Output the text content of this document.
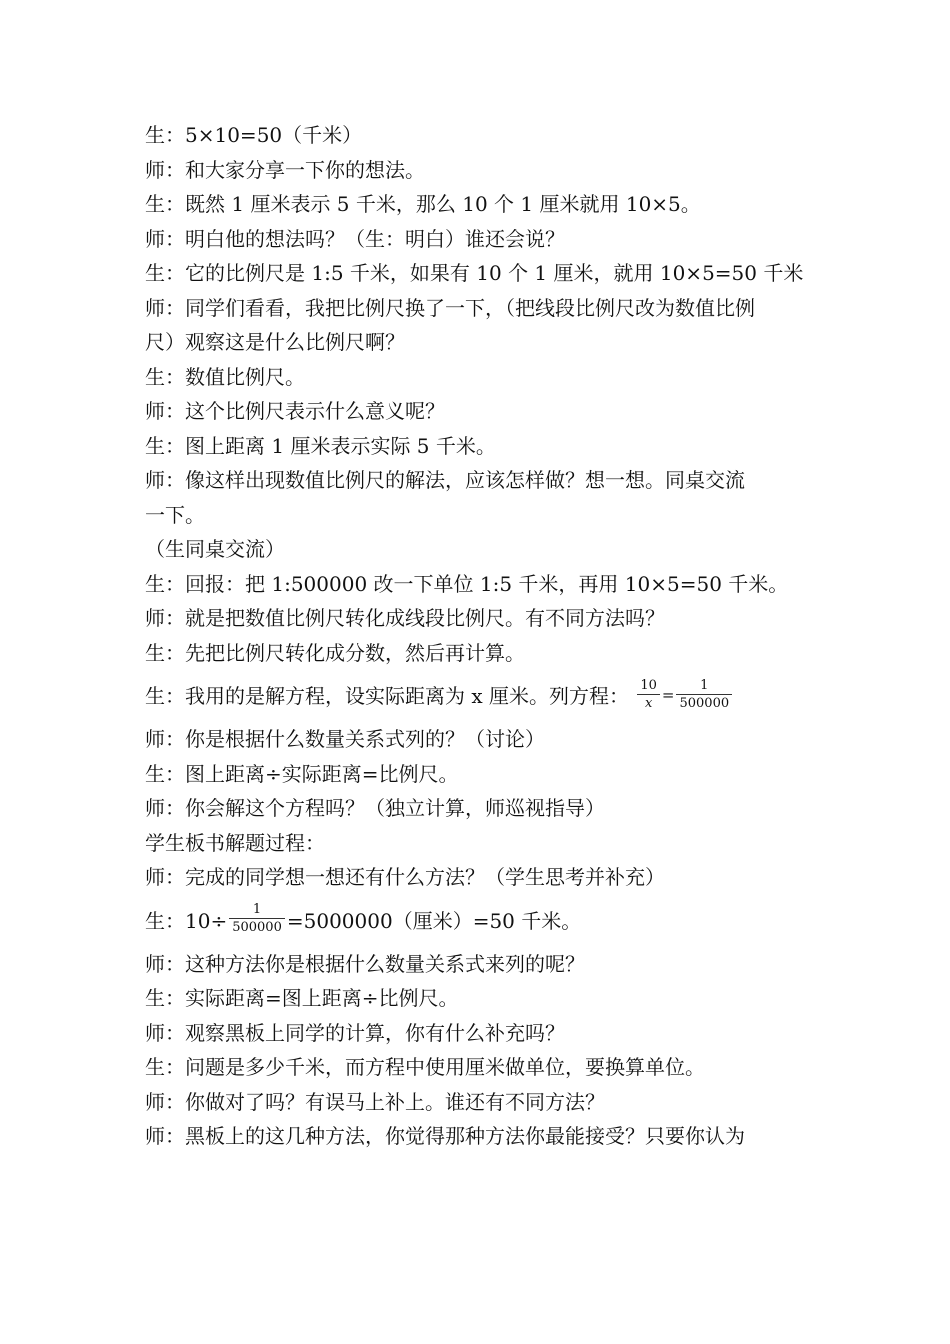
生：5×10=50（千米）
师：和大家分享一下你的想法。
生：既然 1 厘米表示 5 千米，那么 10 个 1 厘米就用 10×5。
师：明白他的想法吗？（生：明白）谁还会说？
生：它的比例尺是 1:5 千米，如果有 10 个 1 厘米，就用 10×5=50 千米
师：同学们看看，我把比例尺换了一下，（把线段比例尺改为数值比例
尺）观察这是什么比例尺啊？
生：数值比例尺。
师：这个比例尺表示什么意义呢？
生：图上距离 1 厘米表示实际 5 千米。
师：像这样出现数值比例尺的解法，应该怎样做？想一想。同桌交流
一下。
（生同桌交流）
生：回报：把 1:500000 改一下单位 1:5 千米，再用 10×5=50 千米。
师：就是把数值比例尺转化成线段比例尺。有不同方法吗？
生：先把比例尺转化成分数，然后再计算。
生：我用的是解方程，设实际距离为 x 厘米。列方程： $\frac{10}{x} = \frac{1}{500000}$
师：你是根据什么数量关系式列的？（讨论）
生：图上距离÷实际距离=比例尺。
师：你会解这个方程吗？（独立计算，师巡视指导）
学生板书解题过程：
师：完成的同学想一想还有什么方法？（学生思考并补充）
生：$10\div \frac{1}{500000} =5000000$（厘米）=50 千米。
师：这种方法你是根据什么数量关系式来列的呢？
生：实际距离=图上距离÷比例尺。
师：观察黑板上同学的计算，你有什么补充吗？
生：问题是多少千米，而方程中使用厘米做单位，要换算单位。
师：你做对了吗？有误马上补上。谁还有不同方法？
师：黑板上的这几种方法，你觉得那种方法你最能接受？只要你认为
